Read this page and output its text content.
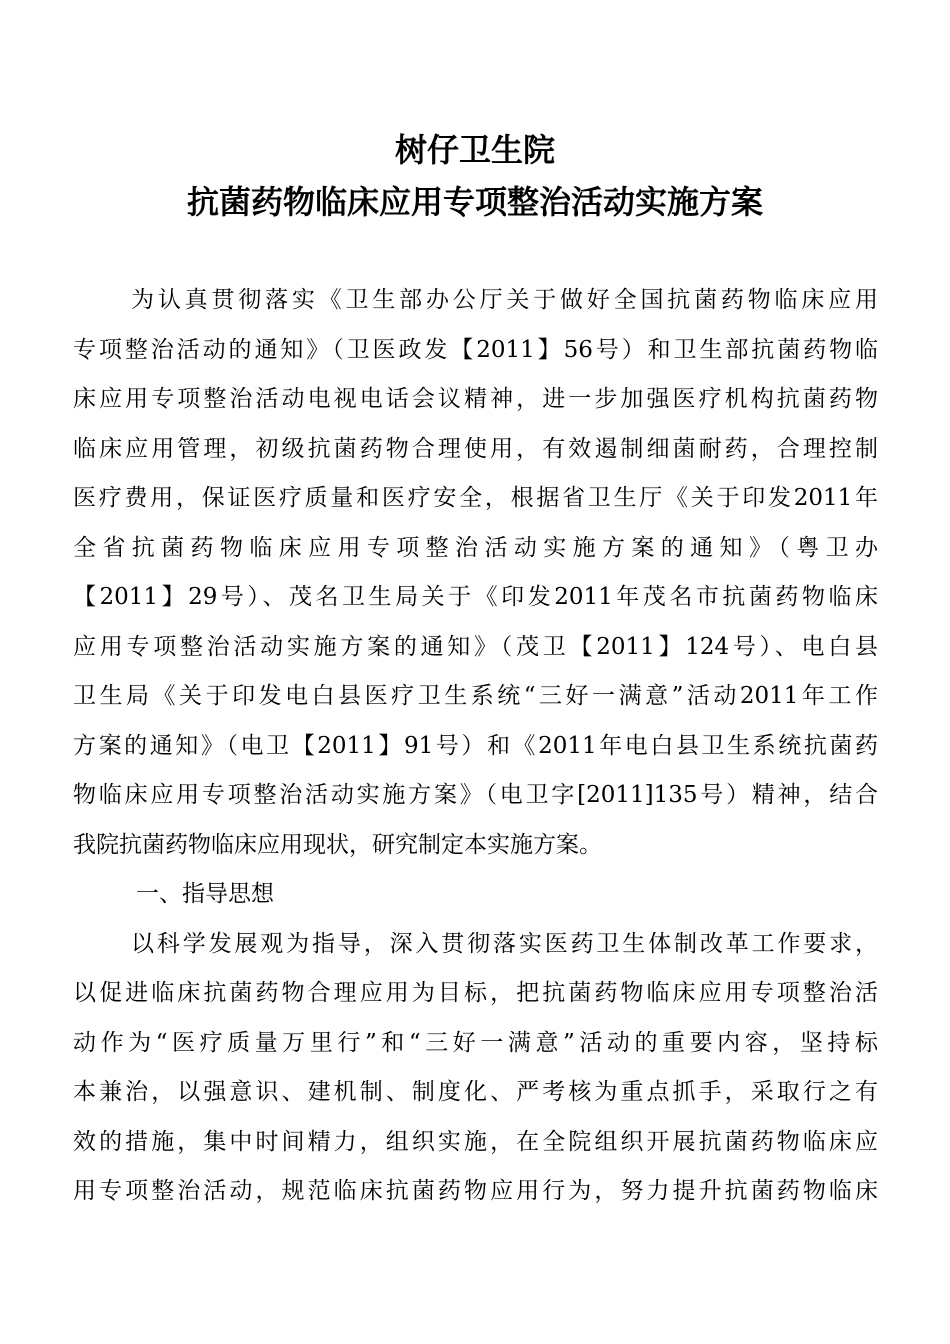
树仔卫生院
抗菌药物临床应用专项整治活动实施方案
为认真贯彻落实《卫生部办公厅关于做好全国抗菌药物临床应用
专项整治活动的通知》（卫医政发【2011】56号）和卫生部抗菌药物临
床应用专项整治活动电视电话会议精神，进一步加强医疗机构抗菌药物
临床应用管理，初级抗菌药物合理使用，有效遏制细菌耐药，合理控制
医疗费用，保证医疗质量和医疗安全，根据省卫生厅《关于印发2011年
全省抗菌药物临床应用专项整治活动实施方案的通知》（粤卫办
【2011】29号）、茂名卫生局关于《印发2011年茂名市抗菌药物临床
应用专项整治活动实施方案的通知》（茂卫【2011】124号）、电白县
卫生局《关于印发电白县医疗卫生系统“三好一满意”活动2011年工作
方案的通知》（电卫【2011】91号）和《2011年电白县卫生系统抗菌药
物临床应用专项整治活动实施方案》（电卫字[2011]135号）精神，结合
我院抗菌药物临床应用现状，研究制定本实施方案。
一、指导思想
以科学发展观为指导，深入贯彻落实医药卫生体制改革工作要求，
以促进临床抗菌药物合理应用为目标，把抗菌药物临床应用专项整治活
动作为“医疗质量万里行”和“三好一满意”活动的重要内容，坚持标
本兼治，以强意识、建机制、制度化、严考核为重点抓手，采取行之有
效的措施，集中时间精力，组织实施，在全院组织开展抗菌药物临床应
用专项整治活动，规范临床抗菌药物应用行为，努力提升抗菌药物临床
